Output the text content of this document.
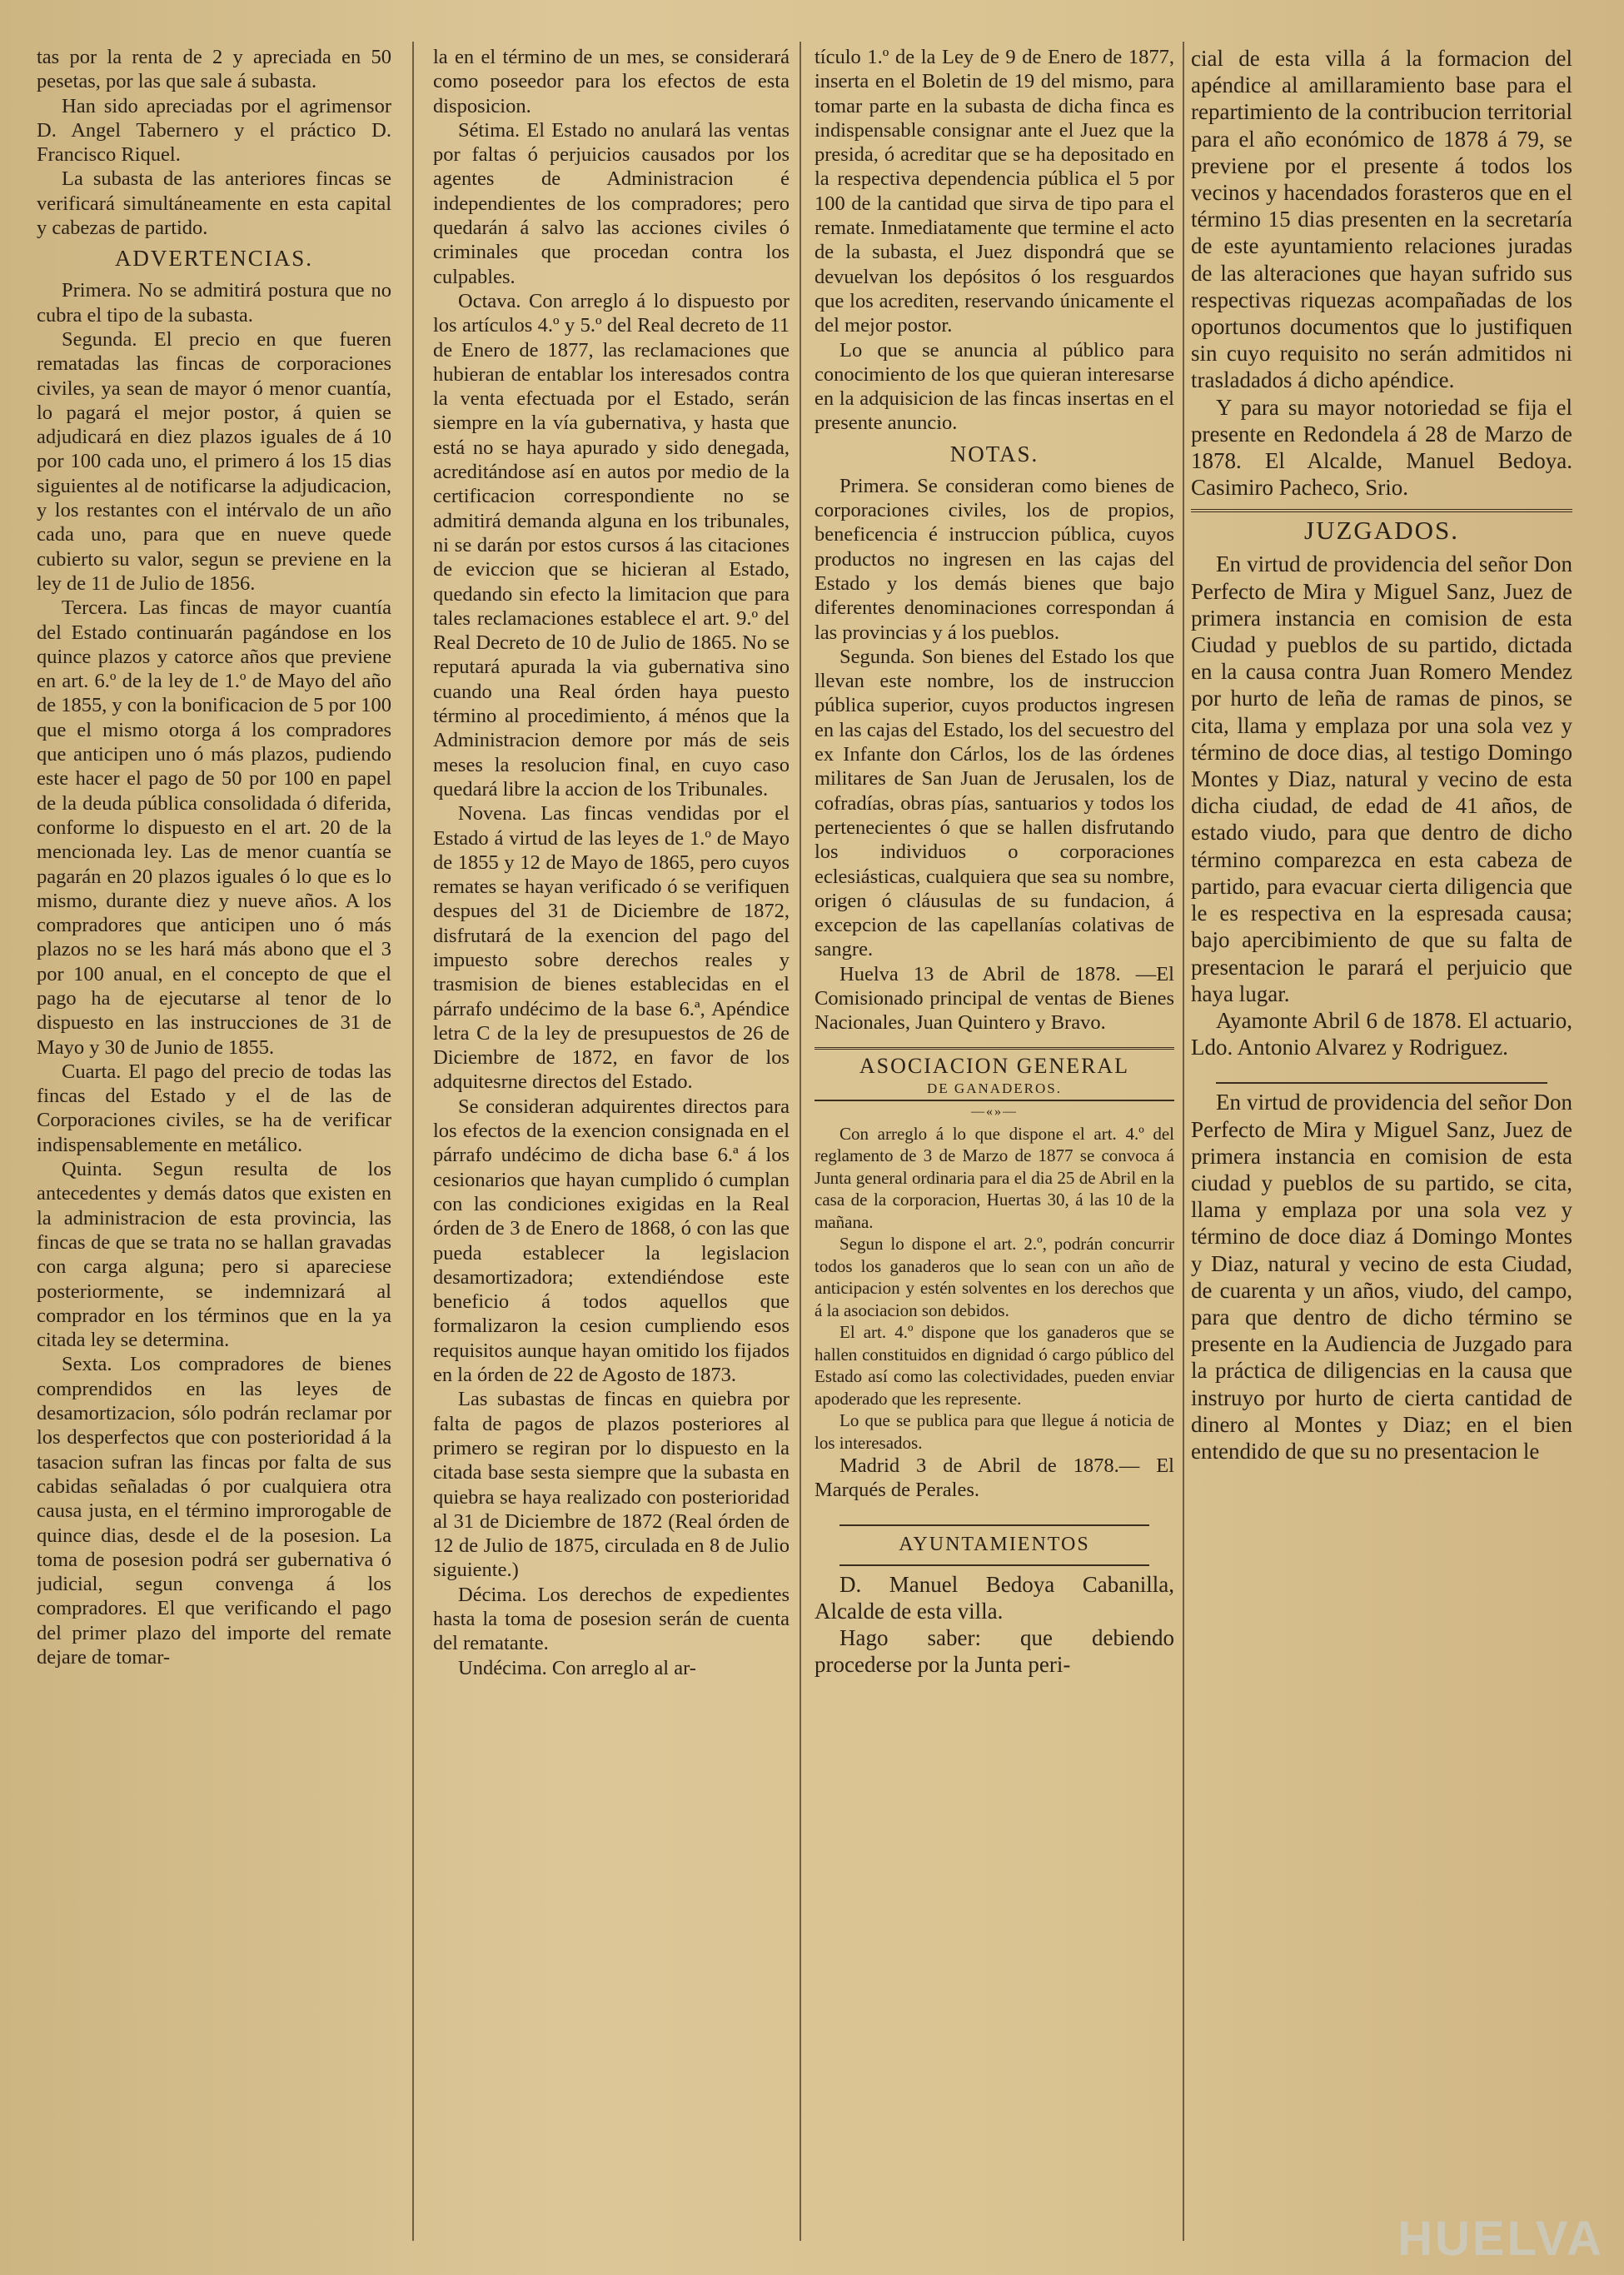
tas por la renta de 2 y apreciada en 50 pesetas, por las que sale á subasta.

Han sido apreciadas por el agrimensor D. Angel Tabernero y el práctico D. Francisco Riquel.

La subasta de las anteriores fincas se verificará simultáneamente en esta capital y cabezas de partido.

ADVERTENCIAS.

Primera. No se admitirá postura que no cubra el tipo de la subasta.

Segunda. El precio en que fueren rematadas las fincas de corporaciones civiles, ya sean de mayor ó menor cuantía, lo pagará el mejor postor, á quien se adjudicará en diez plazos iguales de á 10 por 100 cada uno, el primero á los 15 dias siguientes al de notificarse la adjudicacion, y los restantes con el intérvalo de un año cada uno, para que en nueve quede cubierto su valor, segun se previene en la ley de 11 de Julio de 1856.

Tercera. Las fincas de mayor cuantía del Estado continuarán pagándose en los quince plazos y catorce años que previene en art. 6.º de la ley de 1.º de Mayo del año de 1855, y con la bonificacion de 5 por 100 que el mismo otorga á los compradores que anticipen uno ó más plazos, pudiendo este hacer el pago de 50 por 100 en papel de la deuda pública consolidada ó diferida, conforme lo dispuesto en el art. 20 de la mencionada ley. Las de menor cuantía se pagarán en 20 plazos iguales ó lo que es lo mismo, durante diez y nueve años. A los compradores que anticipen uno ó más plazos no se les hará más abono que el 3 por 100 anual, en el concepto de que el pago ha de ejecutarse al tenor de lo dispuesto en las instrucciones de 31 de Mayo y 30 de Junio de 1855.

Cuarta. El pago del precio de todas las fincas del Estado y el de las de Corporaciones civiles, se ha de verificar indispensablemente en metálico.

Quinta. Segun resulta de los antecedentes y demás datos que existen en la administracion de esta provincia, las fincas de que se trata no se hallan gravadas con carga alguna; pero si apareciese posteriormente, se indemnizará al comprador en los términos que en la ya citada ley se determina.

Sexta. Los compradores de bienes comprendidos en las leyes de desamortizacion, sólo podrán reclamar por los desperfectos que con posterioridad á la tasacion sufran las fincas por falta de sus cabidas señaladas ó por cualquiera otra causa justa, en el término improrogable de quince dias, desde el de la posesion. La toma de posesion podrá ser gubernativa ó judicial, segun convenga á los compradores. El que verificando el pago del primer plazo del importe del remate dejare de tomar-

la en el término de un mes, se considerará como poseedor para los efectos de esta disposicion.

Sétima. El Estado no anulará las ventas por faltas ó perjuicios causados por los agentes de Administracion é independientes de los compradores; pero quedarán á salvo las acciones civiles ó criminales que procedan contra los culpables.

Octava. Con arreglo á lo dispuesto por los artículos 4.º y 5.º del Real decreto de 11 de Enero de 1877, las reclamaciones que hubieran de entablar los interesados contra la venta efectuada por el Estado, serán siempre en la vía gubernativa, y hasta que está no se haya apurado y sido denegada, acreditándose así en autos por medio de la certificacion correspondiente no se admitirá demanda alguna en los tribunales, ni se darán por estos cursos á las citaciones de eviccion que se hicieran al Estado, quedando sin efecto la limitacion que para tales reclamaciones establece el art. 9.º del Real Decreto de 10 de Julio de 1865. No se reputará apurada la via gubernativa sino cuando una Real órden haya puesto término al procedimiento, á ménos que la Administracion demore por más de seis meses la resolucion final, en cuyo caso quedará libre la accion de los Tribunales.

Novena. Las fincas vendidas por el Estado á virtud de las leyes de 1.º de Mayo de 1855 y 12 de Mayo de 1865, pero cuyos remates se hayan verificado ó se verifiquen despues del 31 de Diciembre de 1872, disfrutará de la exencion del pago del impuesto sobre derechos reales y trasmision de bienes establecidas en el párrafo undécimo de la base 6.ª, Apéndice letra C de la ley de presupuestos de 26 de Diciembre de 1872, en favor de los adquitesrne directos del Estado.

Se consideran adquirentes directos para los efectos de la exencion consignada en el párrafo undécimo de dicha base 6.ª á los cesionarios que hayan cumplido ó cumplan con las condiciones exigidas en la Real órden de 3 de Enero de 1868, ó con las que pueda establecer la legislacion desamortizadora; extendiéndose este beneficio á todos aquellos que formalizaron la cesion cumpliendo esos requisitos aunque hayan omitido los fijados en la órden de 22 de Agosto de 1873.

Las subastas de fincas en quiebra por falta de pagos de plazos posteriores al primero se regiran por lo dispuesto en la citada base sesta siempre que la subasta en quiebra se haya realizado con posterioridad al 31 de Diciembre de 1872 (Real órden de 12 de Julio de 1875, circulada en 8 de Julio siguiente.)

Décima. Los derechos de expedientes hasta la toma de posesion serán de cuenta del rematante.

Undécima. Con arreglo al ar-

tículo 1.º de la Ley de 9 de Enero de 1877, inserta en el Boletin de 19 del mismo, para tomar parte en la subasta de dicha finca es indispensable consignar ante el Juez que la presida, ó acreditar que se ha depositado en la respectiva dependencia pública el 5 por 100 de la cantidad que sirva de tipo para el remate. Inmediatamente que termine el acto de la subasta, el Juez dispondrá que se devuelvan los depósitos ó los resguardos que los acrediten, reservando únicamente el del mejor postor.

Lo que se anuncia al público para conocimiento de los que quieran interesarse en la adquisicion de las fincas insertas en el presente anuncio.

NOTAS.

Primera. Se consideran como bienes de corporaciones civiles, los de propios, beneficencia é instruccion pública, cuyos productos no ingresen en las cajas del Estado y los demás bienes que bajo diferentes denominaciones correspondan á las provincias y á los pueblos.

Segunda. Son bienes del Estado los que llevan este nombre, los de instruccion pública superior, cuyos productos ingresen en las cajas del Estado, los del secuestro del ex Infante don Cárlos, los de las órdenes militares de San Juan de Jerusalen, los de cofradías, obras pías, santuarios y todos los pertenecientes ó que se hallen disfrutando los individuos o corporaciones eclesiásticas, cualquiera que sea su nombre, origen ó cláusulas de su fundacion, á excepcion de las capellanías colativas de sangre.

Huelva 13 de Abril de 1878. —El Comisionado principal de ventas de Bienes Nacionales, Juan Quintero y Bravo.

ASOCIACION GENERAL
DE GANADEROS.
—«»—

Con arreglo á lo que dispone el art. 4.º del reglamento de 3 de Marzo de 1877 se convoca á Junta general ordinaria para el dia 25 de Abril en la casa de la corporacion, Huertas 30, á las 10 de la mañana.

Segun lo dispone el art. 2.º, podrán concurrir todos los ganaderos que lo sean con un año de anticipacion y estén solventes en los derechos que á la asociacion son debidos.

El art. 4.º dispone que los ganaderos que se hallen constituidos en dignidad ó cargo público del Estado así como las colectividades, pueden enviar apoderado que les represente.

Lo que se publica para que llegue á noticia de los interesados.

Madrid 3 de Abril de 1878.— El Marqués de Perales.

AYUNTAMIENTOS

D. Manuel Bedoya Cabanilla, Alcalde de esta villa.

Hago saber: que debiendo procederse por la Junta peri-

cial de esta villa á la formacion del apéndice al amillaramiento base para el repartimiento de la contribucion territorial para el año económico de 1878 á 79, se previene por el presente á todos los vecinos y hacendados forasteros que en el término 15 dias presenten en la secretaría de este ayuntamiento relaciones juradas de las alteraciones que hayan sufrido sus respectivas riquezas acompañadas de los oportunos documentos que lo justifiquen sin cuyo requisito no serán admitidos ni trasladados á dicho apéndice.

Y para su mayor notoriedad se fija el presente en Redondela á 28 de Marzo de 1878. El Alcalde, Manuel Bedoya. Casimiro Pacheco, Srio.

JUZGADOS.

En virtud de providencia del señor Don Perfecto de Mira y Miguel Sanz, Juez de primera instancia en comision de esta Ciudad y pueblos de su partido, dictada en la causa contra Juan Romero Mendez por hurto de leña de ramas de pinos, se cita, llama y emplaza por una sola vez y término de doce dias, al testigo Domingo Montes y Diaz, natural y vecino de esta dicha ciudad, de edad de 41 años, de estado viudo, para que dentro de dicho término comparezca en esta cabeza de partido, para evacuar cierta diligencia que le es respectiva en la espresada causa; bajo apercibimiento de que su falta de presentacion le parará el perjuicio que haya lugar.

Ayamonte Abril 6 de 1878. El actuario, Ldo. Antonio Alvarez y Rodriguez.

En virtud de providencia del señor Don Perfecto de Mira y Miguel Sanz, Juez de primera instancia en comision de esta ciudad y pueblos de su partido, se cita, llama y emplaza por una sola vez y término de doce diaz á Domingo Montes y Diaz, natural y vecino de esta Ciudad, de cuarenta y un años, viudo, del campo, para que dentro de dicho término se presente en la Audiencia de Juzgado para la práctica de diligencias en la causa que instruyo por hurto de cierta cantidad de dinero al Montes y Diaz; en el bien entendido de que su no presentacion le

HUELVA
